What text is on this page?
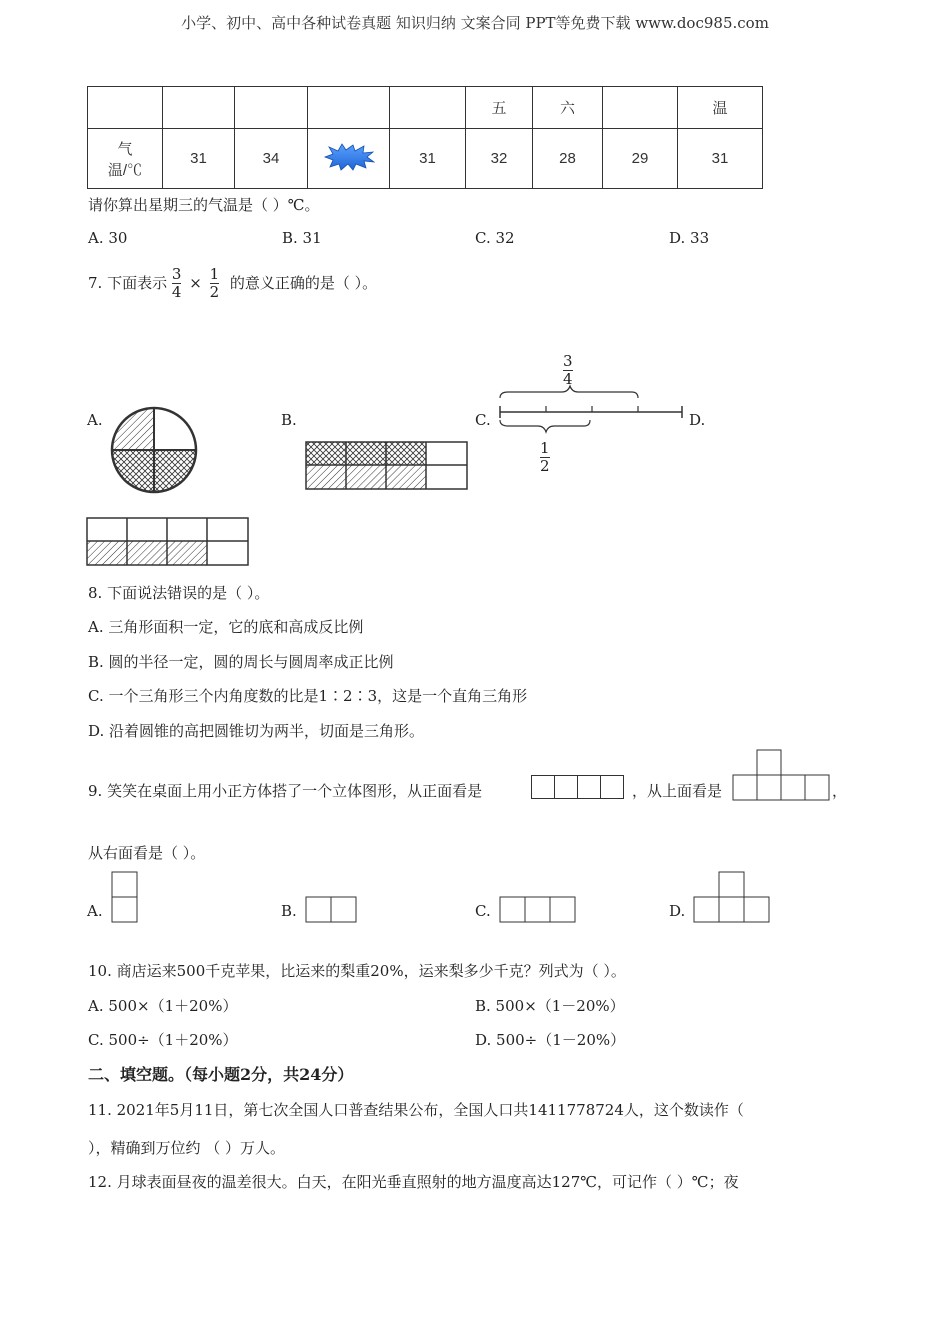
小学、初中、高中各种试卷真题 知识归纳 文案合同 PPT等免费下载 www.doc985.com
					五	六		温

气
温/℃	31	34		31	32	28	29	31
请你算出星期三的气温是（ ）℃。
A. 30	B. 31	C. 32	D. 33
7. 下面表示 $\frac{3}{4} \times \frac{1}{2}$ 的意义正确的是（ ）。
A.	B.	C.	D.
$\frac{3}{4}$
$\frac{1}{2}$
8. 下面说法错误的是（ ）。
A. 三角形面积一定，它的底和高成反比例
B. 圆的半径一定，圆的周长与圆周率成正比例
C. 一个三角形三个内角度数的比是1∶2∶3，这是一个直角三角形
D. 沿着圆锥的高把圆锥切为两半，切面是三角形。
9. 笑笑在桌面上用小正方体搭了一个立体图形，从正面看是	，从上面看是	，
从右面看是（ ）。
A.	B.	C.	D.
10. 商店运来500千克苹果，比运来的梨重20%，运来梨多少千克？列式为（ ）。
A. 500×（1＋20%）	B. 500×（1－20%）
C. 500÷（1＋20%）	D. 500÷（1－20%）
二、填空题。（每小题2分，共24分）
11. 2021年5月11日，第七次全国人口普查结果公布，全国人口共1411778724人，这个数读作（
），精确到万位约 （ ）万人。
12. 月球表面昼夜的温差很大。白天，在阳光垂直照射的地方温度高达127℃，可记作（ ）℃；夜
